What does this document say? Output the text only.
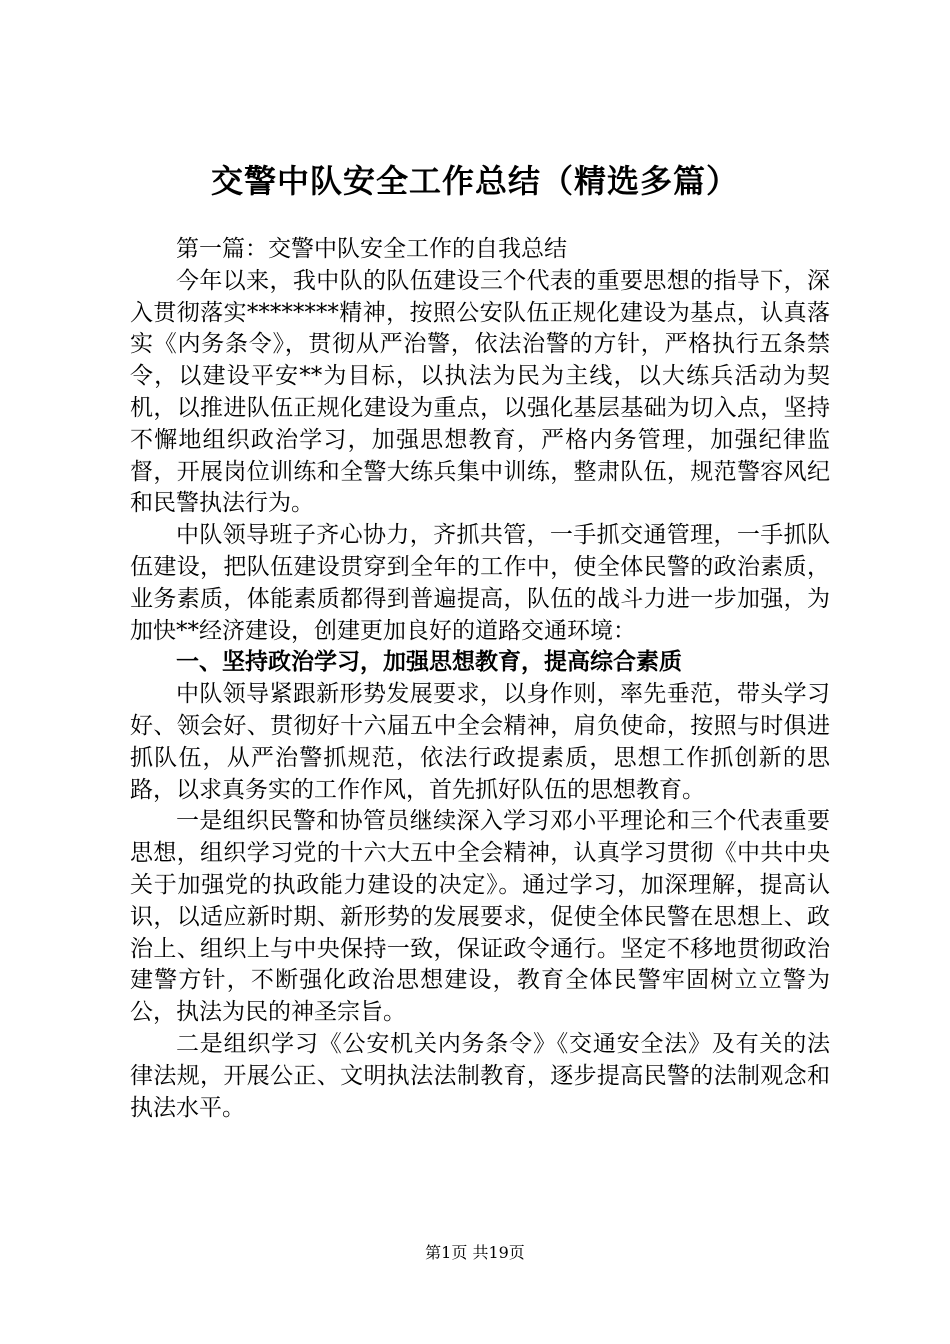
交警中队安全工作总结（精选多篇）

第一篇：交警中队安全工作的自我总结

今年以来，我中队的队伍建设三个代表的重要思想的指导下，深入贯彻落实********精神，按照公安队伍正规化建设为基点，认真落实《内务条令》，贯彻从严治警，依法治警的方针，严格执行五条禁令，以建设平安**为目标，以执法为民为主线，以大练兵活动为契机，以推进队伍正规化建设为重点，以强化基层基础为切入点，坚持不懈地组织政治学习，加强思想教育，严格内务管理，加强纪律监督，开展岗位训练和全警大练兵集中训练，整肃队伍，规范警容风纪和民警执法行为。

中队领导班子齐心协力，齐抓共管，一手抓交通管理，一手抓队伍建设，把队伍建设贯穿到全年的工作中，使全体民警的政治素质，业务素质，体能素质都得到普遍提高，队伍的战斗力进一步加强，为加快**经济建设，创建更加良好的道路交通环境：

一、坚持政治学习，加强思想教育，提高综合素质

中队领导紧跟新形势发展要求，以身作则，率先垂范，带头学习好、领会好、贯彻好十六届五中全会精神，肩负使命，按照与时俱进抓队伍，从严治警抓规范，依法行政提素质，思想工作抓创新的思路，以求真务实的工作作风，首先抓好队伍的思想教育。

一是组织民警和协管员继续深入学习邓小平理论和三个代表重要思想，组织学习党的十六大五中全会精神，认真学习贯彻《中共中央关于加强党的执政能力建设的决定》。通过学习，加深理解，提高认识，以适应新时期、新形势的发展要求，促使全体民警在思想上、政治上、组织上与中央保持一致，保证政令通行。坚定不移地贯彻政治建警方针，不断强化政治思想建设，教育全体民警牢固树立立警为公，执法为民的神圣宗旨。

二是组织学习《公安机关内务条令》《交通安全法》及有关的法律法规，开展公正、文明执法法制教育，逐步提高民警的法制观念和执法水平。

第1页 共19页
